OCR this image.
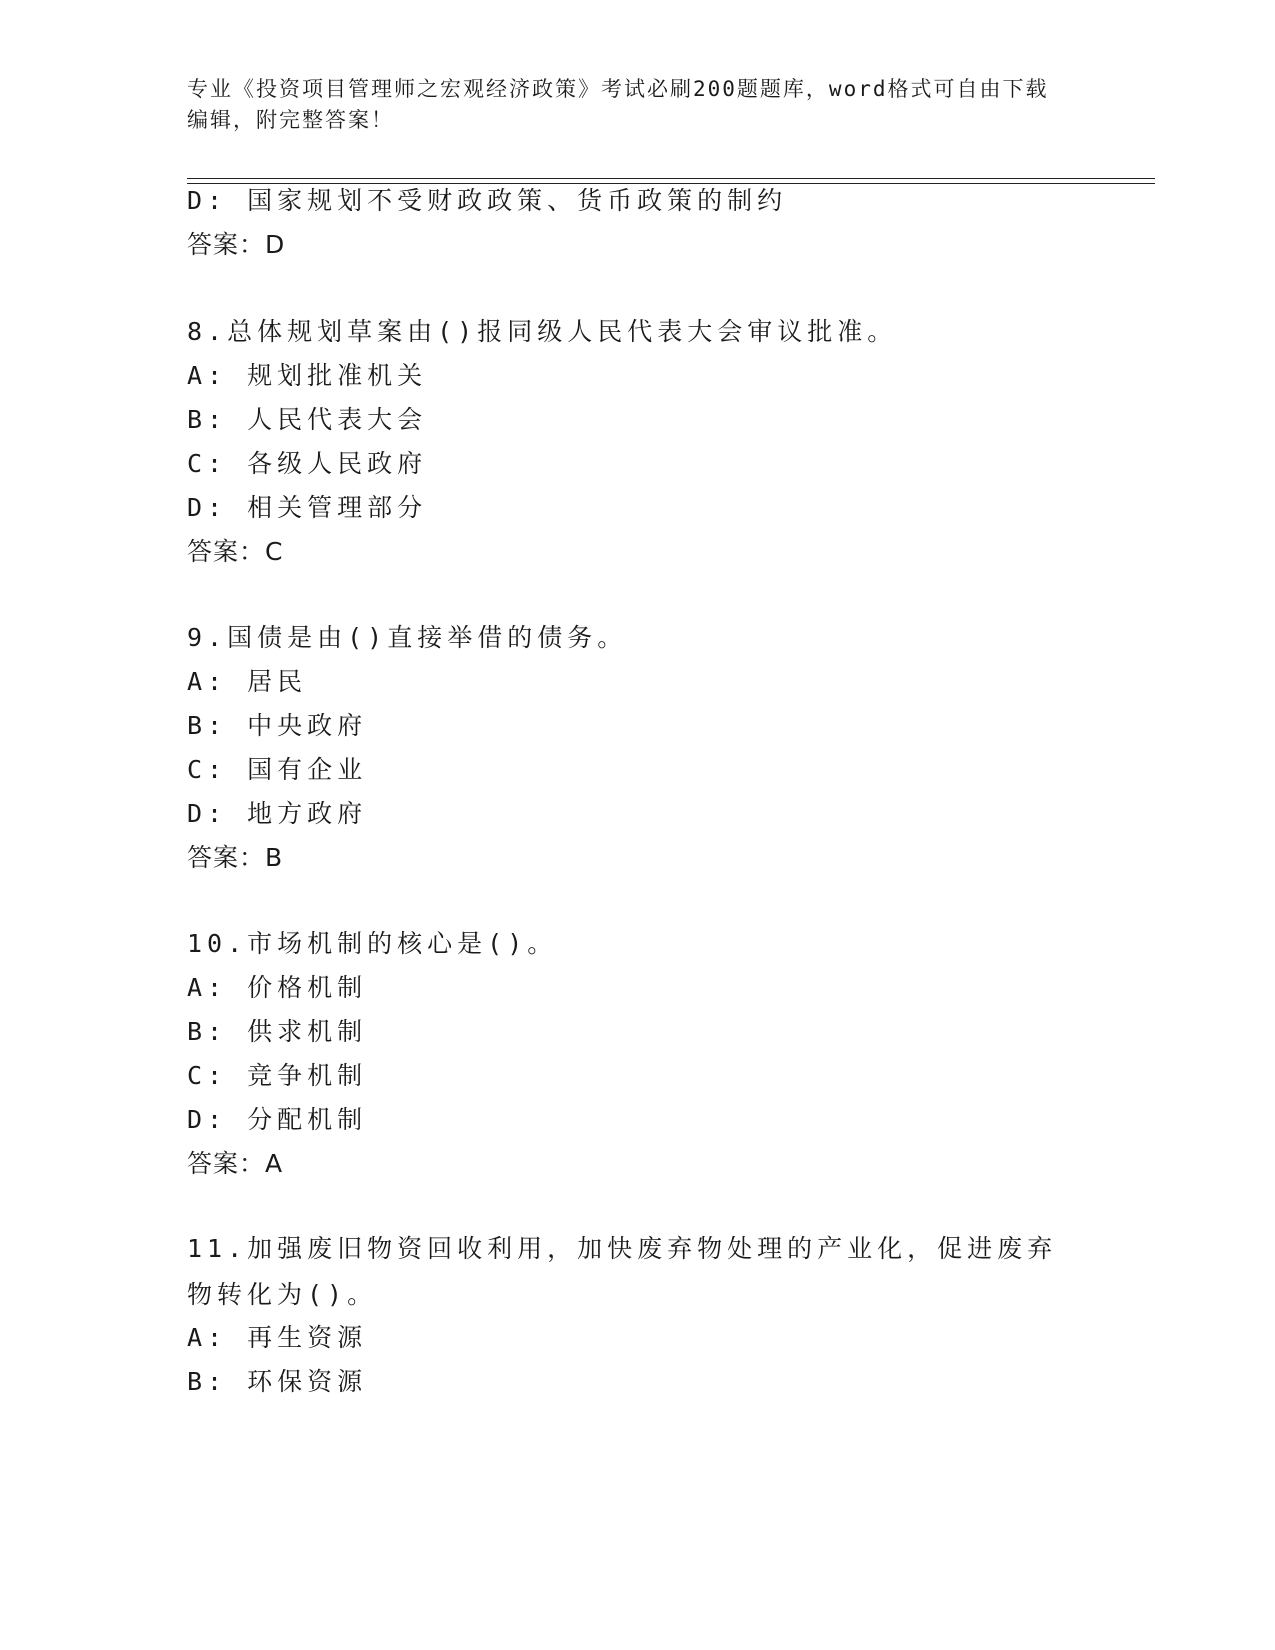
专业《投资项目管理师之宏观经济政策》考试必刷200题题库，word格式可自由下载编辑，附完整答案！
D: 国家规划不受财政政策、货币政策的制约
答案：D
8.总体规划草案由()报同级人民代表大会审议批准。
A: 规划批准机关
B: 人民代表大会
C: 各级人民政府
D: 相关管理部分
答案：C
9.国债是由()直接举借的债务。
A: 居民
B: 中央政府
C: 国有企业
D: 地方政府
答案：B
10.市场机制的核心是()。
A: 价格机制
B: 供求机制
C: 竞争机制
D: 分配机制
答案：A
11.加强废旧物资回收利用，加快废弃物处理的产业化，促进废弃物转化为()。
A: 再生资源
B: 环保资源
